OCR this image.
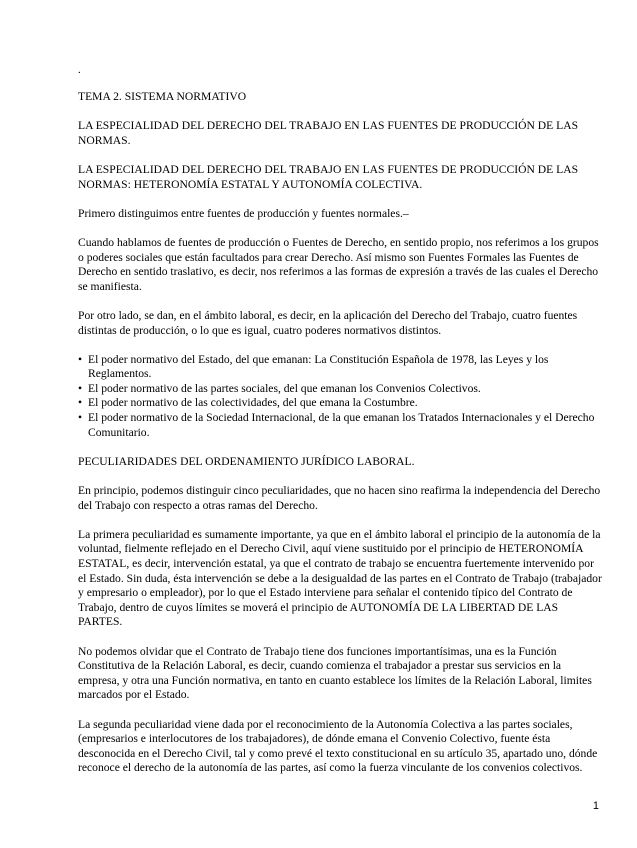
.

TEMA 2. SISTEMA NORMATIVO

LA ESPECIALIDAD DEL DERECHO DEL TRABAJO EN LAS FUENTES DE PRODUCCIÓN DE LAS NORMAS.

LA ESPECIALIDAD DEL DERECHO DEL TRABAJO EN LAS FUENTES DE PRODUCCIÓN DE LAS NORMAS: HETERONOMÍA ESTATAL Y AUTONOMÍA COLECTIVA.

Primero distinguimos entre fuentes de producción y fuentes normales.–

Cuando hablamos de fuentes de producción o Fuentes de Derecho, en sentido propio, nos referimos a los grupos o poderes sociales que están facultados para crear Derecho. Así mismo son Fuentes Formales las Fuentes de Derecho en sentido traslativo, es decir, nos referimos a las formas de expresión a través de las cuales el Derecho se manifiesta.

Por otro lado, se dan, en el ámbito laboral, es decir, en la aplicación del Derecho del Trabajo, cuatro fuentes distintas de producción, o lo que es igual, cuatro poderes normativos distintos.

• El poder normativo del Estado, del que emanan: La Constitución Española de 1978, las Leyes y los Reglamentos.
• El poder normativo de las partes sociales, del que emanan los Convenios Colectivos.
• El poder normativo de las colectividades, del que emana la Costumbre.
• El poder normativo de la Sociedad Internacional, de la que emanan los Tratados Internacionales y el Derecho Comunitario.

PECULIARIDADES DEL ORDENAMIENTO JURÍDICO LABORAL.

En principio, podemos distinguir cinco peculiaridades, que no hacen sino reafirma la independencia del Derecho del Trabajo con respecto a otras ramas del Derecho.

La primera peculiaridad es sumamente importante, ya que en el ámbito laboral el principio de la autonomía de la voluntad, fielmente reflejado en el Derecho Civil, aquí viene sustituido por el principio de HETERONOMÍA ESTATAL, es decir, intervención estatal, ya que el contrato de trabajo se encuentra fuertemente intervenido por el Estado. Sin duda, ésta intervención se debe a la desigualdad de las partes en el Contrato de Trabajo (trabajador y empresario o empleador), por lo que el Estado interviene para señalar el contenido típico del Contrato de Trabajo, dentro de cuyos límites se moverá el principio de AUTONOMÍA DE LA LIBERTAD DE LAS PARTES.

No podemos olvidar que el Contrato de Trabajo tiene dos funciones importantísimas, una es la Función Constitutiva de la Relación Laboral, es decir, cuando comienza el trabajador a prestar sus servicios en la empresa, y otra una Función normativa, en tanto en cuanto establece los límites de la Relación Laboral, limites marcados por el Estado.

La segunda peculiaridad viene dada por el reconocimiento de la Autonomía Colectiva a las partes sociales, (empresarios e interlocutores de los trabajadores), de dónde emana el Convenio Colectivo, fuente ésta desconocida en el Derecho Civil, tal y como prevé el texto constitucional en su artículo 35, apartado uno, dónde reconoce el derecho de la autonomía de las partes, así como la fuerza vinculante de los convenios colectivos.

1
